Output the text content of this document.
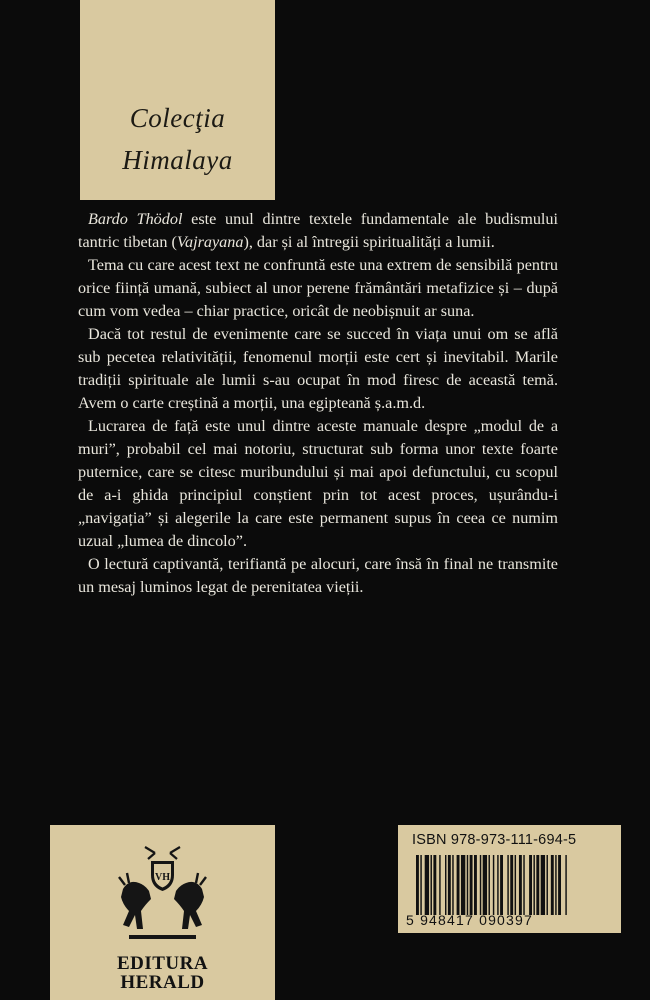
Colecţia
Himalaya

Bardo Thödol este unul dintre textele fundamentale ale budismului tantric tibetan (Vajrayana), dar și al întregii spiritualități a lumii.

Tema cu care acest text ne confruntă este una extrem de sensibilă pentru orice ființă umană, subiect al unor perene frământări metafizice și – după cum vom vedea – chiar practice, oricât de neobișnuit ar suna.

Dacă tot restul de evenimente care se succed în viața unui om se află sub pecetea relativității, fenomenul morții este cert și inevitabil. Marile tradiții spirituale ale lumii s-au ocupat în mod firesc de această temă. Avem o carte creștină a morții, una egipteană ș.a.m.d.

Lucrarea de față este unul dintre aceste manuale despre „modul de a muri”, probabil cel mai notoriu, structurat sub forma unor texte foarte puternice, care se citesc muribundului și mai apoi defunctului, cu scopul de a-i ghida principiul conștient prin tot acest proces, ușurându-i „navigația” și alegerile la care este permanent supus în ceea ce numim uzual „lumea de dincolo”.

O lectură captivantă, terifiantă pe alocuri, care însă în final ne transmite un mesaj luminos legat de perenitatea vieții.

VH
EDITURA
HERALD
ISBN 978-973-111-694-5
5 948417 090397
